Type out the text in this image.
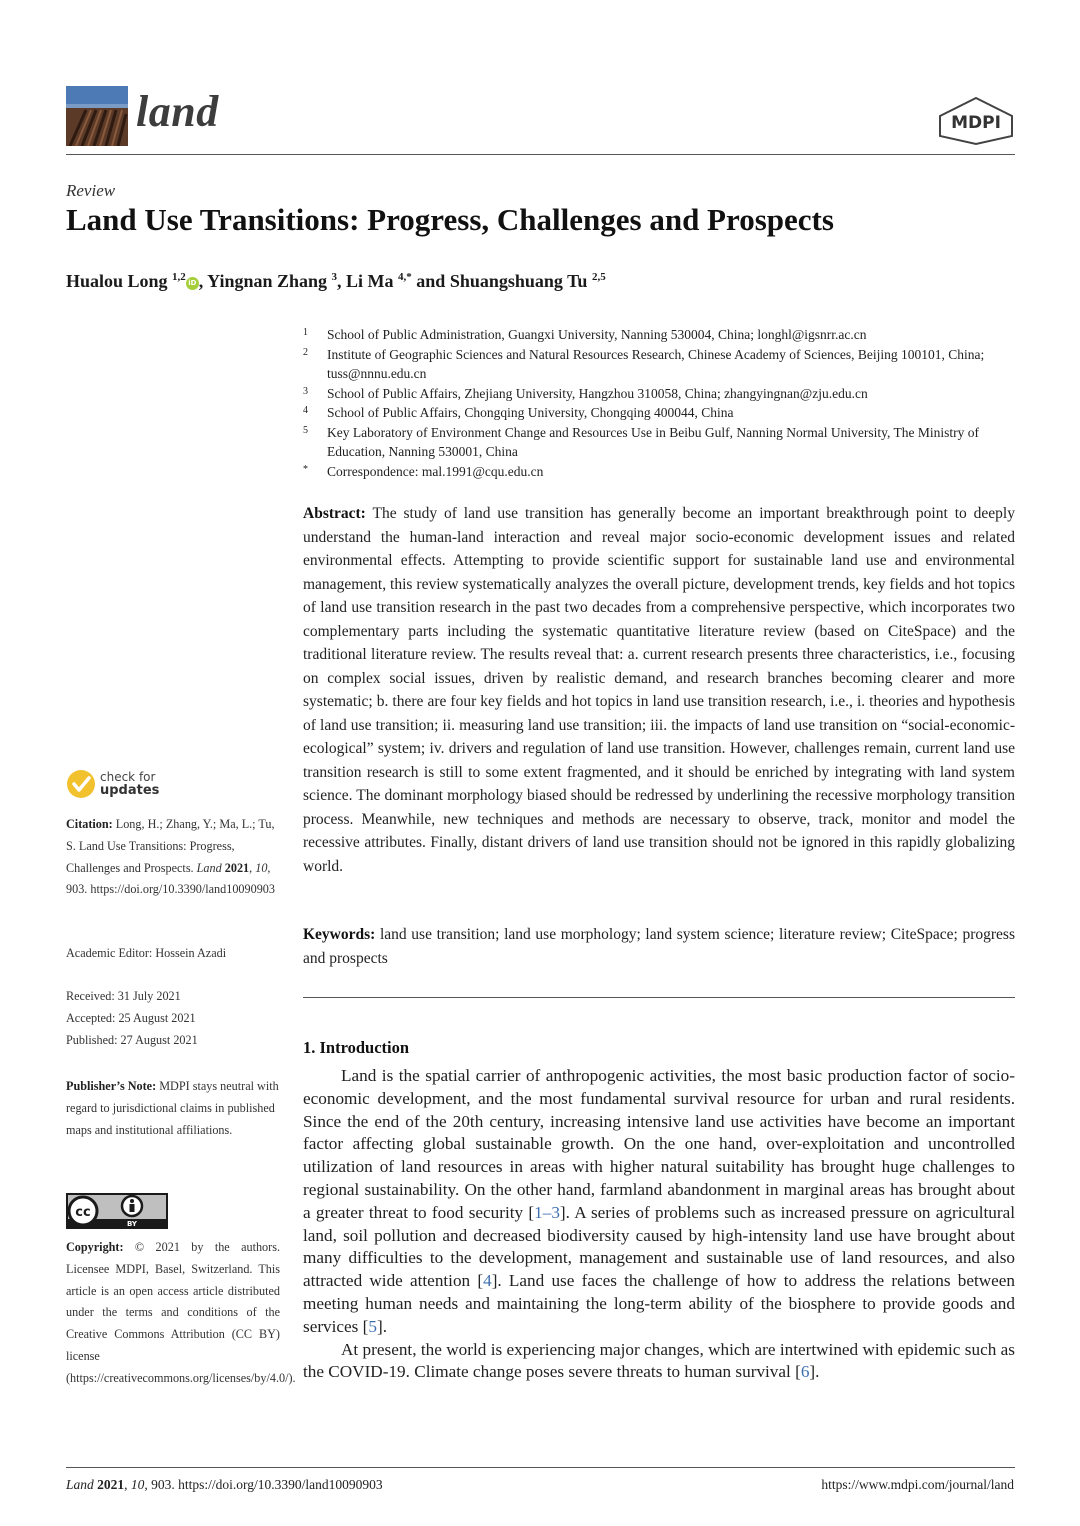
land	MDPI
Review
Land Use Transitions: Progress, Challenges and Prospects
Hualou Long $^{1,2}$ iD , Yingnan Zhang $^3$, Li Ma $^{4,*}$ and Shuangshuang Tu $^{2,5}$
1	School of Public Administration, Guangxi University, Nanning 530004, China; longhl@igsnrr.ac.cn
2	Institute of Geographic Sciences and Natural Resources Research, Chinese Academy of Sciences, Beijing 100101, China; tuss@nnnu.edu.cn
3	School of Public Affairs, Zhejiang University, Hangzhou 310058, China; zhangyingnan@zju.edu.cn
4	School of Public Affairs, Chongqing University, Chongqing 400044, China
5	Key Laboratory of Environment Change and Resources Use in Beibu Gulf, Nanning Normal University, The Ministry of Education, Nanning 530001, China
*	Correspondence: mal.1991@cqu.edu.cn
Abstract: The study of land use transition has generally become an important breakthrough point to deeply understand the human-land interaction and reveal major socio-economic development issues and related environmental effects. Attempting to provide scientific support for sustainable land use and environmental management, this review systematically analyzes the overall picture, development trends, key fields and hot topics of land use transition research in the past two decades from a comprehensive perspective, which incorporates two complementary parts including the systematic quantitative literature review (based on CiteSpace) and the traditional literature review. The results reveal that: a. current research presents three characteristics, i.e., focusing on complex social issues, driven by realistic demand, and research branches becoming clearer and more systematic; b. there are four key fields and hot topics in land use transition research, i.e., i. theories and hypothesis of land use transition; ii. measuring land use transition; iii. the impacts of land use transition on “social-economic-ecological” system; iv. drivers and regulation of land use transition. However, challenges remain, current land use transition research is still to some extent fragmented, and it should be enriched by integrating with land system science. The dominant morphology biased should be redressed by underlining the recessive morphology transition process. Meanwhile, new techniques and methods are necessary to observe, track, monitor and model the recessive attributes. Finally, distant drivers of land use transition should not be ignored in this rapidly globalizing world.
Keywords: land use transition; land use morphology; land system science; literature review; CiteSpace; progress and prospects
1. Introduction

Land is the spatial carrier of anthropogenic activities, the most basic production factor of socio-economic development, and the most fundamental survival resource for urban and rural residents. Since the end of the 20th century, increasing intensive land use activities have become an important factor affecting global sustainable growth. On the one hand, over-exploitation and uncontrolled utilization of land resources in areas with higher natural suitability has brought huge challenges to regional sustainability. On the other hand, farmland abandonment in marginal areas has brought about a greater threat to food security [1–3]. A series of problems such as increased pressure on agricultural land, soil pollution and decreased biodiversity caused by high-intensity land use have brought about many difficulties to the development, management and sustainable use of land resources, and also attracted wide attention [4]. Land use faces the challenge of how to address the relations between meeting human needs and maintaining the long-term ability of the biosphere to provide goods and services [5].

At present, the world is experiencing major changes, which are intertwined with epidemic such as the COVID-19. Climate change poses severe threats to human survival [6].

check for
updates
Citation: Long, H.; Zhang, Y.; Ma, L.; Tu, S. Land Use Transitions: Progress, Challenges and Prospects. Land 2021, 10, 903. https://doi.org/10.3390/land10090903
Academic Editor: Hossein Azadi
Received: 31 July 2021
Accepted: 25 August 2021
Published: 27 August 2021
Publisher’s Note: MDPI stays neutral with regard to jurisdictional claims in published maps and institutional affiliations.
cc
BY
Copyright: © 2021 by the authors. Licensee MDPI, Basel, Switzerland. This article is an open access article distributed under the terms and conditions of the Creative Commons Attribution (CC BY) license (https://creativecommons.org/licenses/by/4.0/).
Land 2021, 10, 903. https://doi.org/10.3390/land10090903	https://www.mdpi.com/journal/land
